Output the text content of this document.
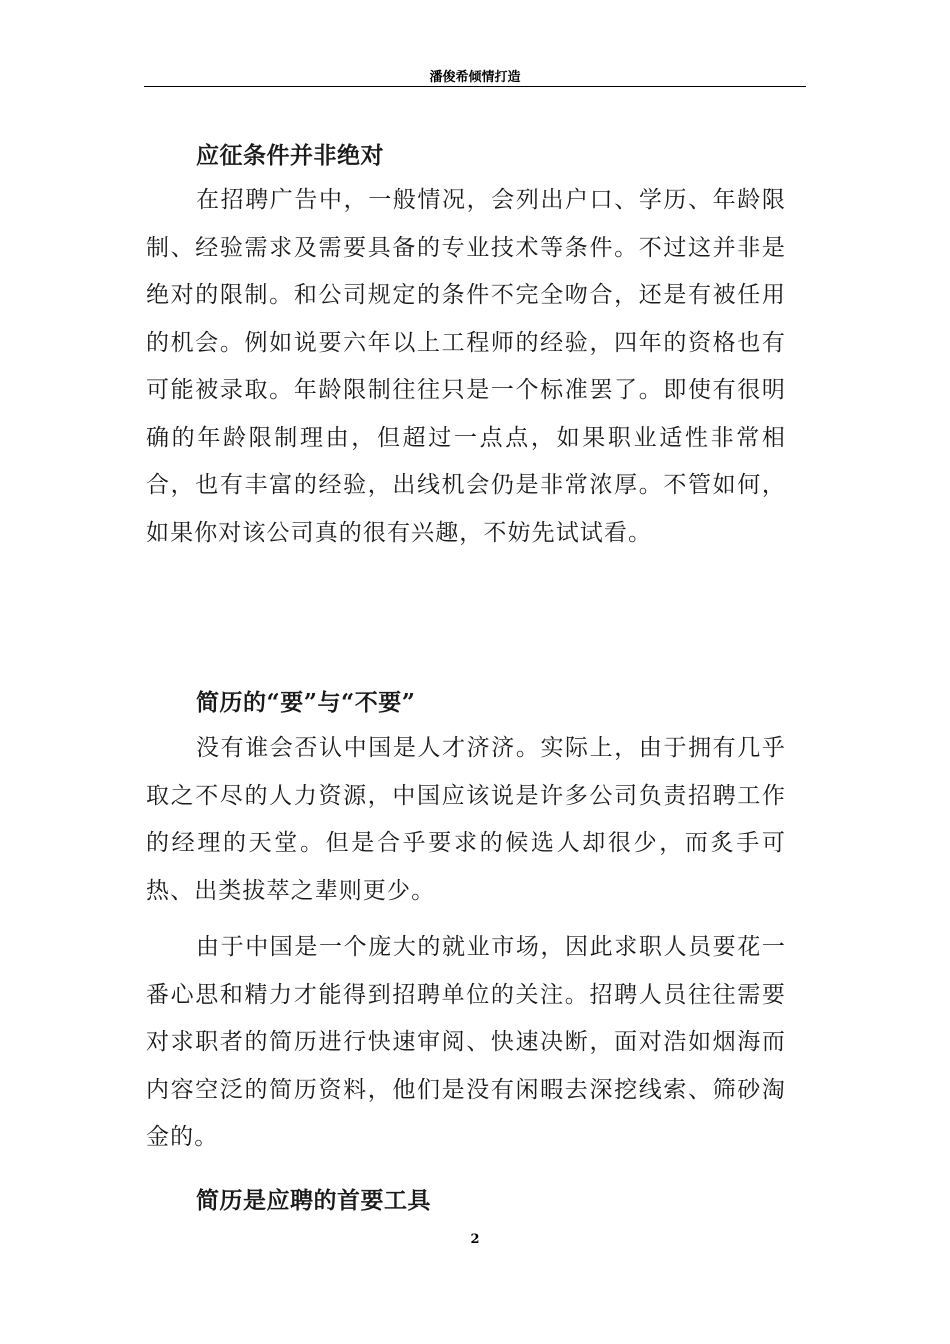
潘俊希倾情打造
应征条件并非绝对
在招聘广告中，一般情况，会列出户口、学历、年龄限制、经验需求及需要具备的专业技术等条件。不过这并非是绝对的限制。和公司规定的条件不完全吻合，还是有被任用的机会。例如说要六年以上工程师的经验，四年的资格也有可能被录取。年龄限制往往只是一个标准罢了。即使有很明确的年龄限制理由，但超过一点点，如果职业适性非常相合，也有丰富的经验，出线机会仍是非常浓厚。不管如何，如果你对该公司真的很有兴趣，不妨先试试看。
简历的“要”与“不要”
没有谁会否认中国是人才济济。实际上，由于拥有几乎取之不尽的人力资源，中国应该说是许多公司负责招聘工作的经理的天堂。但是合乎要求的候选人却很少，而炙手可热、出类拔萃之辈则更少。
由于中国是一个庞大的就业市场，因此求职人员要花一番心思和精力才能得到招聘单位的关注。招聘人员往往需要对求职者的简历进行快速审阅、快速决断，面对浩如烟海而内容空泛的简历资料，他们是没有闲暇去深挖线索、筛砂淘金的。
简历是应聘的首要工具
2
